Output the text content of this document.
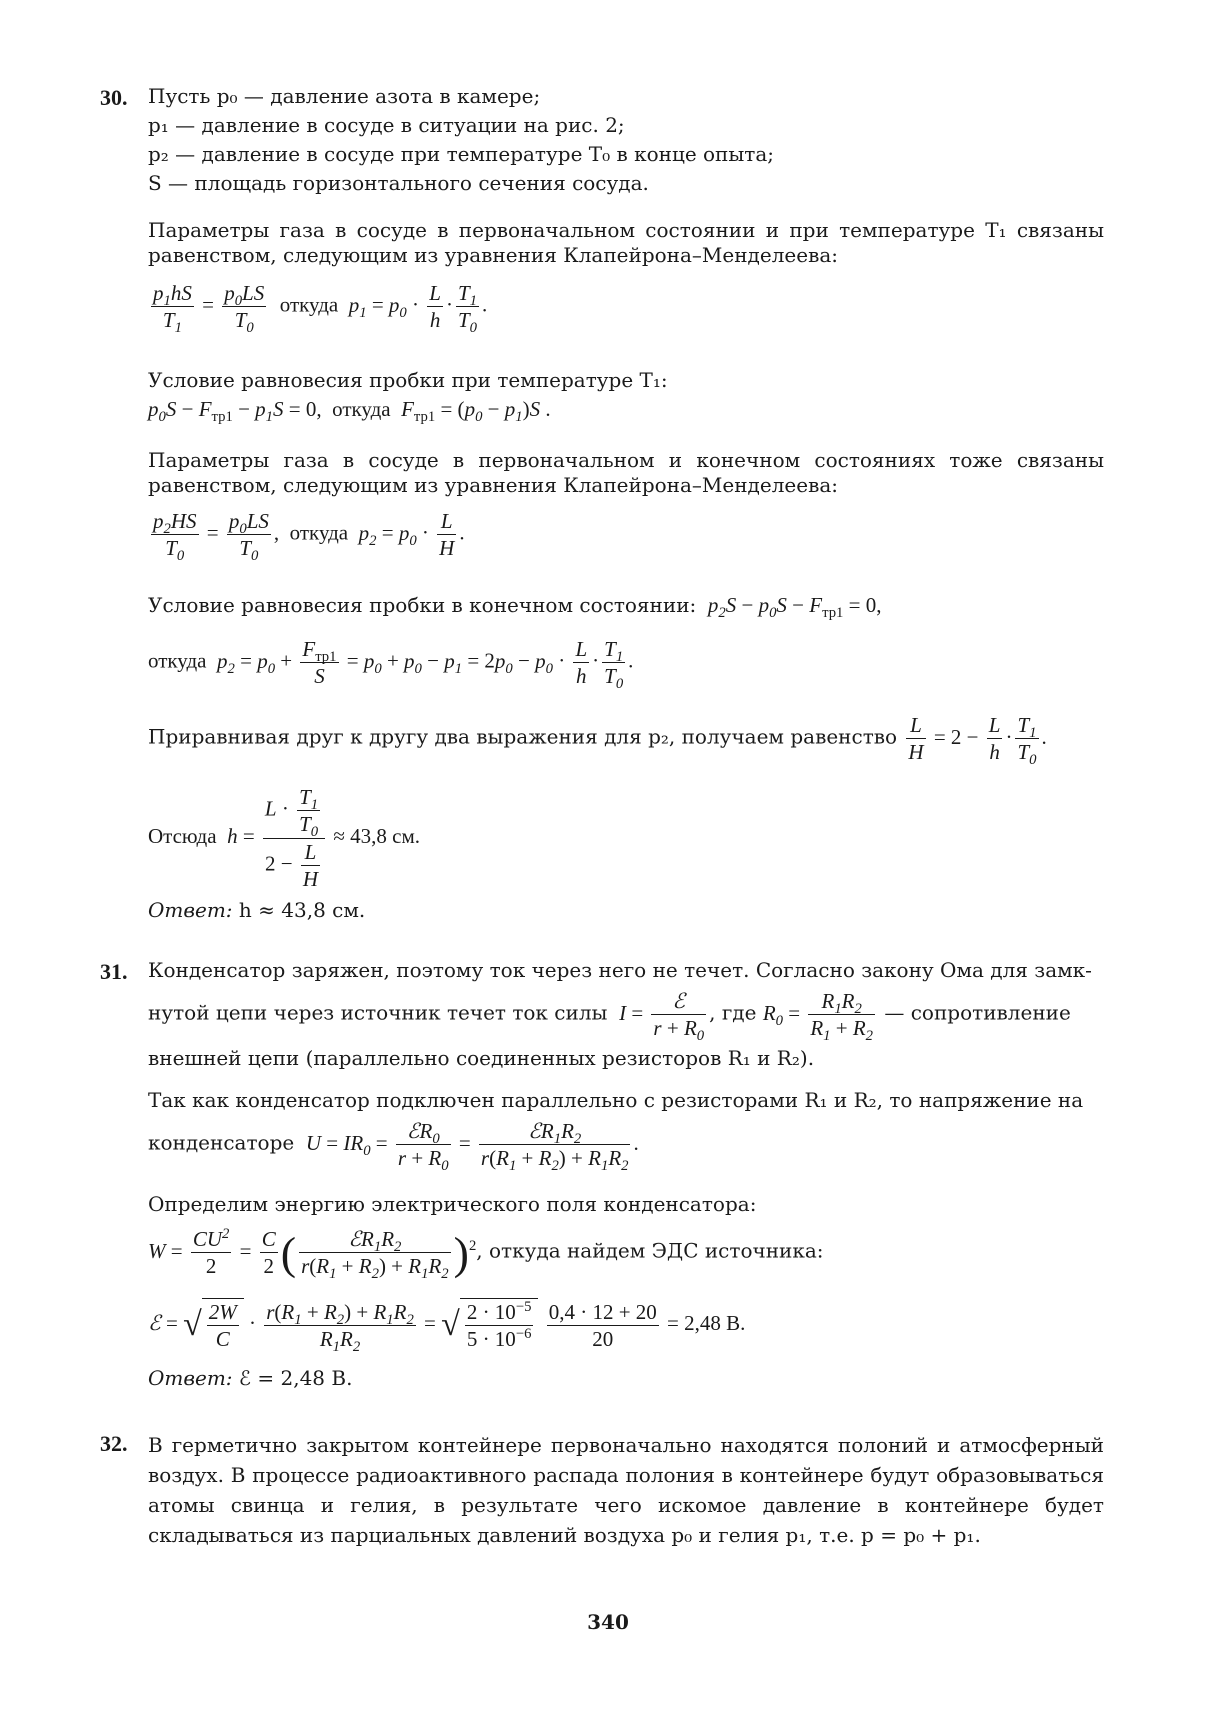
30. Пусть p₀ — давление азота в камере;
p₁ — давление в сосуде в ситуации на рис. 2;
p₂ — давление в сосуде при температуре T₀ в конце опыта;
S — площадь горизонтального сечения сосуда.
Параметры газа в сосуде в первоначальном состоянии и при температуре T₁ связаны равенством, следующим из уравнения Клапейрона–Менделеева:
$\frac{p_1hS}{T_1} = \frac{p_0LS}{T_0}$ откуда $p_1 = p_0 \cdot \frac{L}{h} \cdot \frac{T_1}{T_0}$ .
Условие равновесия пробки при температуре T₁:
$p_0S - F_{тр1} - p_1S = 0$,  откуда $F_{тр1} = (p_0 - p_1)S$ .
Параметры газа в сосуде в первоначальном и конечном состояниях тоже связаны равенством, следующим из уравнения Клапейрона–Менделеева:
$\frac{p_2HS}{T_0} = \frac{p_0LS}{T_0}$ ,  откуда $p_2 = p_0 \cdot \frac{L}{H}$ .
Условие равновесия пробки в конечном состоянии: $p_2S - p_0S - F_{тр1} = 0$,
откуда $p_2 = p_0 + \frac{F_{тр1}}{S} = p_0 + p_0 - p_1 = 2p_0 - p_0 \cdot \frac{L}{h} \cdot \frac{T_1}{T_0}$ .
Приравнивая друг к другу два выражения для p₂, получаем равенство $\frac{L}{H} = 2 - \frac{L}{h} \cdot \frac{T_1}{T_0}$ .
Отсюда $h = \frac{L \cdot \frac{T_1}{T_0}}{2 - \frac{L}{H}} \approx 43,8$ см.
Ответ: h ≈ 43,8 см.
31. Конденсатор заряжен, поэтому ток через него не течет. Согласно закону Ома для замк-
нутой цепи через источник течет ток силы $I = \frac{\text{ℰ}}{r + R_0}$ , где $R_0 = \frac{R_1R_2}{R_1 + R_2}$ — сопротивление
внешней цепи (параллельно соединенных резисторов R₁ и R₂).
Так как конденсатор подключен параллельно с резисторами R₁ и R₂, то напряжение на
конденсаторе $U = IR_0 = \frac{ℰR_0}{r + R_0} = \frac{ℰR_1R_2}{r(R_1 + R_2) + R_1R_2}$ .
Определим энергию электрического поля конденсатора:
$W = \frac{CU^2}{2} = \frac{C}{2}$ ( $\frac{ℰR_1R_2}{r(R_1 + R_2) + R_1R_2} )^2$, откуда найдем ЭДС источника:
ℰ = √ $\frac{2W}{C} \cdot \frac{r(R_1 + R_2) + R_1R_2}{R_1R_2}$ = √ $\frac{2 \cdot 10^{-5}}{5 \cdot 10^{-6}}$
$\frac{0,4 \cdot 12 + 20}{20} = 2,48$ В.
Ответ: ℰ = 2,48 В.
32. В герметично закрытом контейнере первоначально находятся полоний и атмосферный воздух. В процессе радиоактивного распада полония в контейнере будут образовываться атомы свинца и гелия, в результате чего искомое давление в контейнере будет складываться из парциальных давлений воздуха p₀ и гелия p₁, т.е. p = p₀ + p₁.
340
